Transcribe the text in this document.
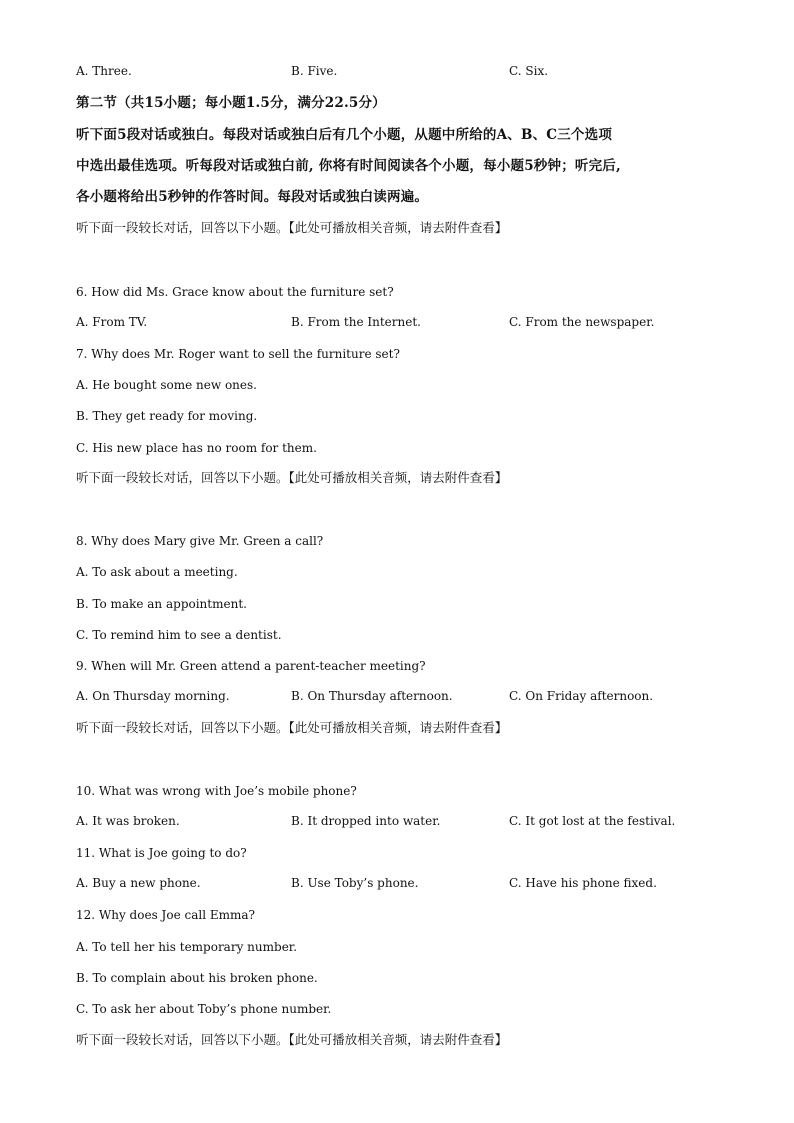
A. Three.	B. Five.	C. Six.
第二节（共15小题；每小题1.5分，满分22.5分）
听下面5段对话或独白。每段对话或独白后有几个小题，从题中所给的A、B、C三个选项
中选出最佳选项。听每段对话或独白前, 你将有时间阅读各个小题，每小题5秒钟；听完后,
各小题将给出5秒钟的作答时间。每段对话或独白读两遍。
听下面一段较长对话，回答以下小题。【此处可播放相关音频，请去附件查看】
6. How did Ms. Grace know about the furniture set?
A. From TV.	B. From the Internet.	C. From the newspaper.
7. Why does Mr. Roger want to sell the furniture set?
A. He bought some new ones.
B. They get ready for moving.
C. His new place has no room for them.
听下面一段较长对话，回答以下小题。【此处可播放相关音频，请去附件查看】
8. Why does Mary give Mr. Green a call?
A. To ask about a meeting.
B. To make an appointment.
C. To remind him to see a dentist.
9. When will Mr. Green attend a parent-teacher meeting?
A. On Thursday morning.	B. On Thursday afternoon.	C. On Friday afternoon.
听下面一段较长对话，回答以下小题。【此处可播放相关音频，请去附件查看】
10. What was wrong with Joe’s mobile phone?
A. It was broken.	B. It dropped into water.	C. It got lost at the festival.
11. What is Joe going to do?
A. Buy a new phone.	B. Use Toby’s phone.	C. Have his phone fixed.
12. Why does Joe call Emma?
A. To tell her his temporary number.
B. To complain about his broken phone.
C. To ask her about Toby’s phone number.
听下面一段较长对话，回答以下小题。【此处可播放相关音频，请去附件查看】
